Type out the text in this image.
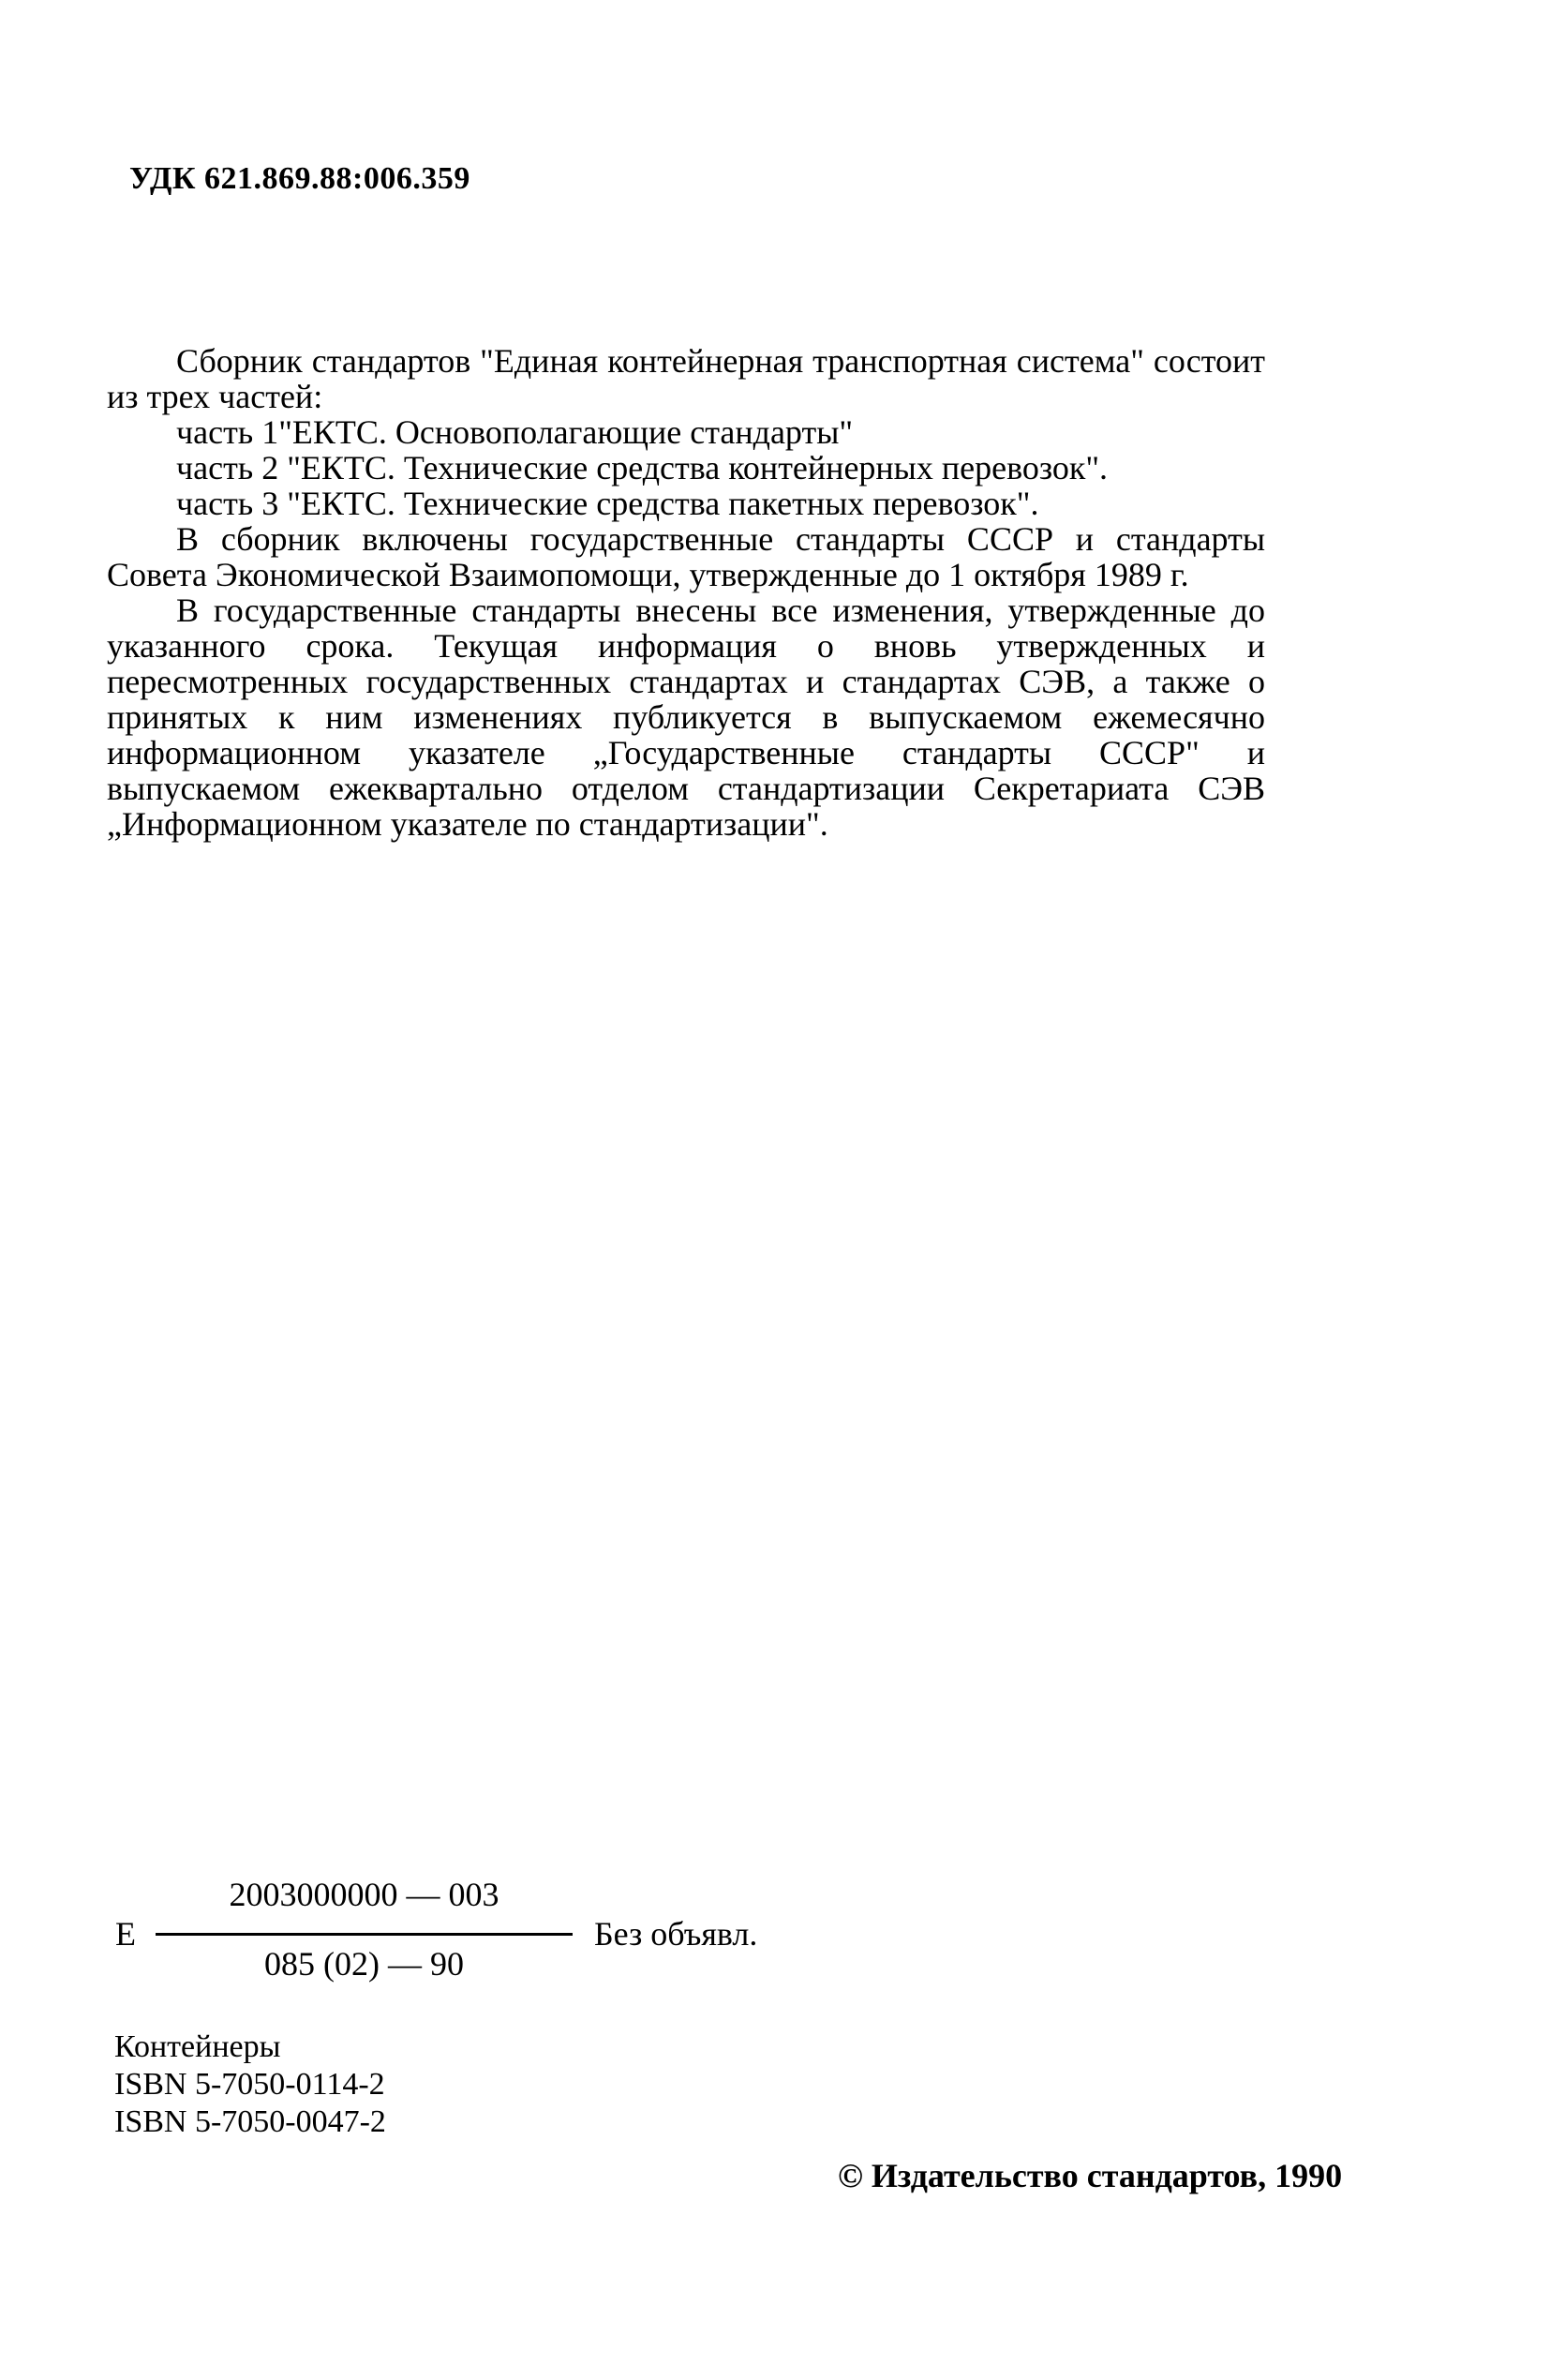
УДК 621.869.88:006.359

Сборник стандартов "Единая контейнерная транспортная система" состоит из трех частей:

часть 1"ЕКТС. Основополагающие стандарты"

часть 2 "ЕКТС. Технические средства контейнерных перевозок".

часть 3 "ЕКТС. Технические средства пакетных перевозок".

В сборник включены государственные стандарты СССР и стандарты Совета Экономической Взаимопомощи, утвержденные до 1 октября 1989 г.

В государственные стандарты внесены все изменения, утвержденные до указанного срока. Текущая информация о вновь утвержденных и пересмотренных государственных стандартах и стандартах СЭВ, а также о принятых к ним изменениях публикуется в выпускаемом ежемесячно информационном указателе „Государственные стандарты СССР" и выпускаемом ежеквартально отделом стандартизации Секретариата СЭВ „Информационном указателе по стандартизации".

Е
2003000000 — 003
085 (02) — 90
Без объявл.
Контейнеры
ISBN 5-7050-0114-2
ISBN 5-7050-0047-2
© Издательство стандартов, 1990
